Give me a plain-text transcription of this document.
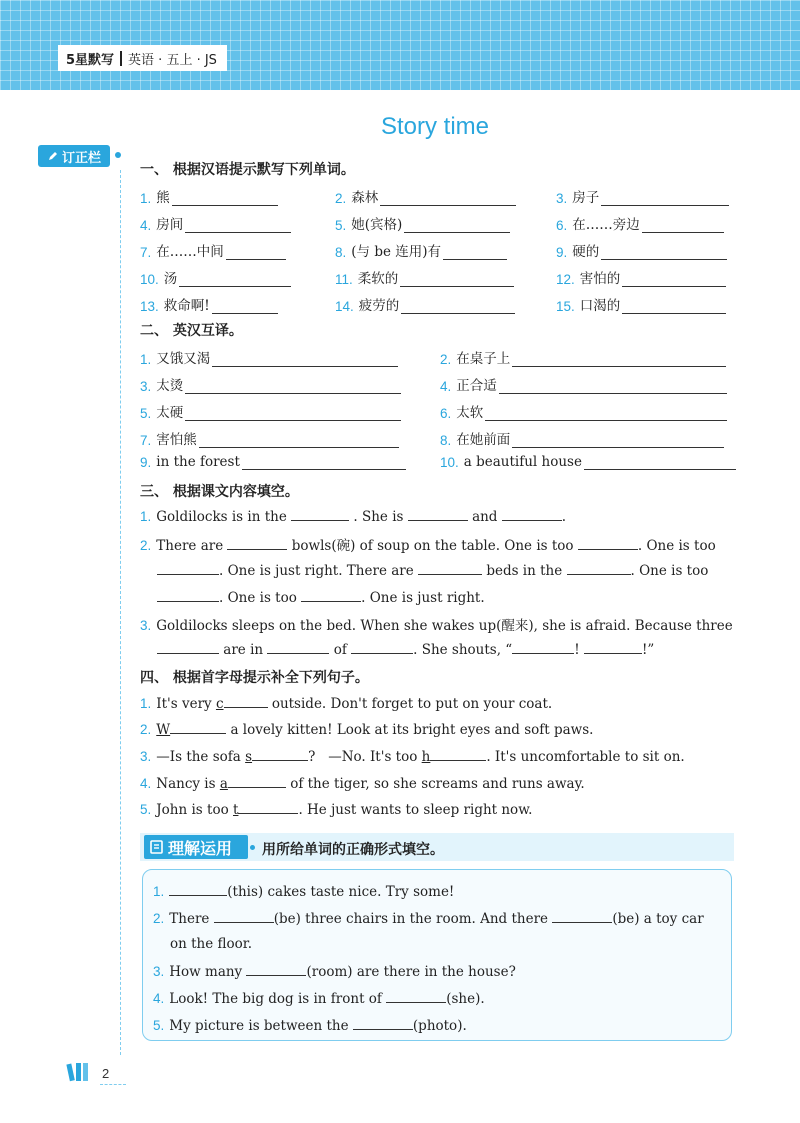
5星默写 英语 · 五上 · JS
Story time
订正栏
一、 根据汉语提示默写下列单词。
1. 熊	2. 森林	3. 房子
4. 房间	5. 她(宾格)	6. 在……旁边
7. 在……中间	8. (与 be 连用)有	9. 硬的
10. 汤	11. 柔软的	12. 害怕的
13. 救命啊!	14. 疲劳的	15. 口渴的
二、 英汉互译。
1. 又饿又渴	2. 在桌子上
3. 太烫	4. 正合适
5. 太硬	6. 太软
7. 害怕熊	8. 在她前面
9. in the forest	10. a beautiful house
三、 根据课文内容填空。
1. Goldilocks is in the	. She is	and	.
2. There are	bowls(碗) of soup on the table. One is too	. One is too
. One is just right. There are	beds in the	. One is too
. One is too	. One is just right.
3. Goldilocks sleeps on the bed. When she wakes up(醒来), she is afraid. Because three
are in	of	. She shouts, “	!	!”
四、 根据首字母提示补全下列句子。
1. It's very c	outside. Don't forget to put on your coat.
2. W	a lovely kitten! Look at its bright eyes and soft paws.
3. —Is the sofa s	? —No. It's too h	. It's uncomfortable to sit on.
4. Nancy is a	of the tiger, so she screams and runs away.
5. John is too t	. He just wants to sleep right now.
理解运用 用所给单词的正确形式填空。
1.	(this) cakes taste nice. Try some!
2. There	(be) three chairs in the room. And there	(be) a toy car
on the floor.
3. How many	(room) are there in the house?
4. Look! The big dog is in front of	(she).
5. My picture is between the	(photo).
2
